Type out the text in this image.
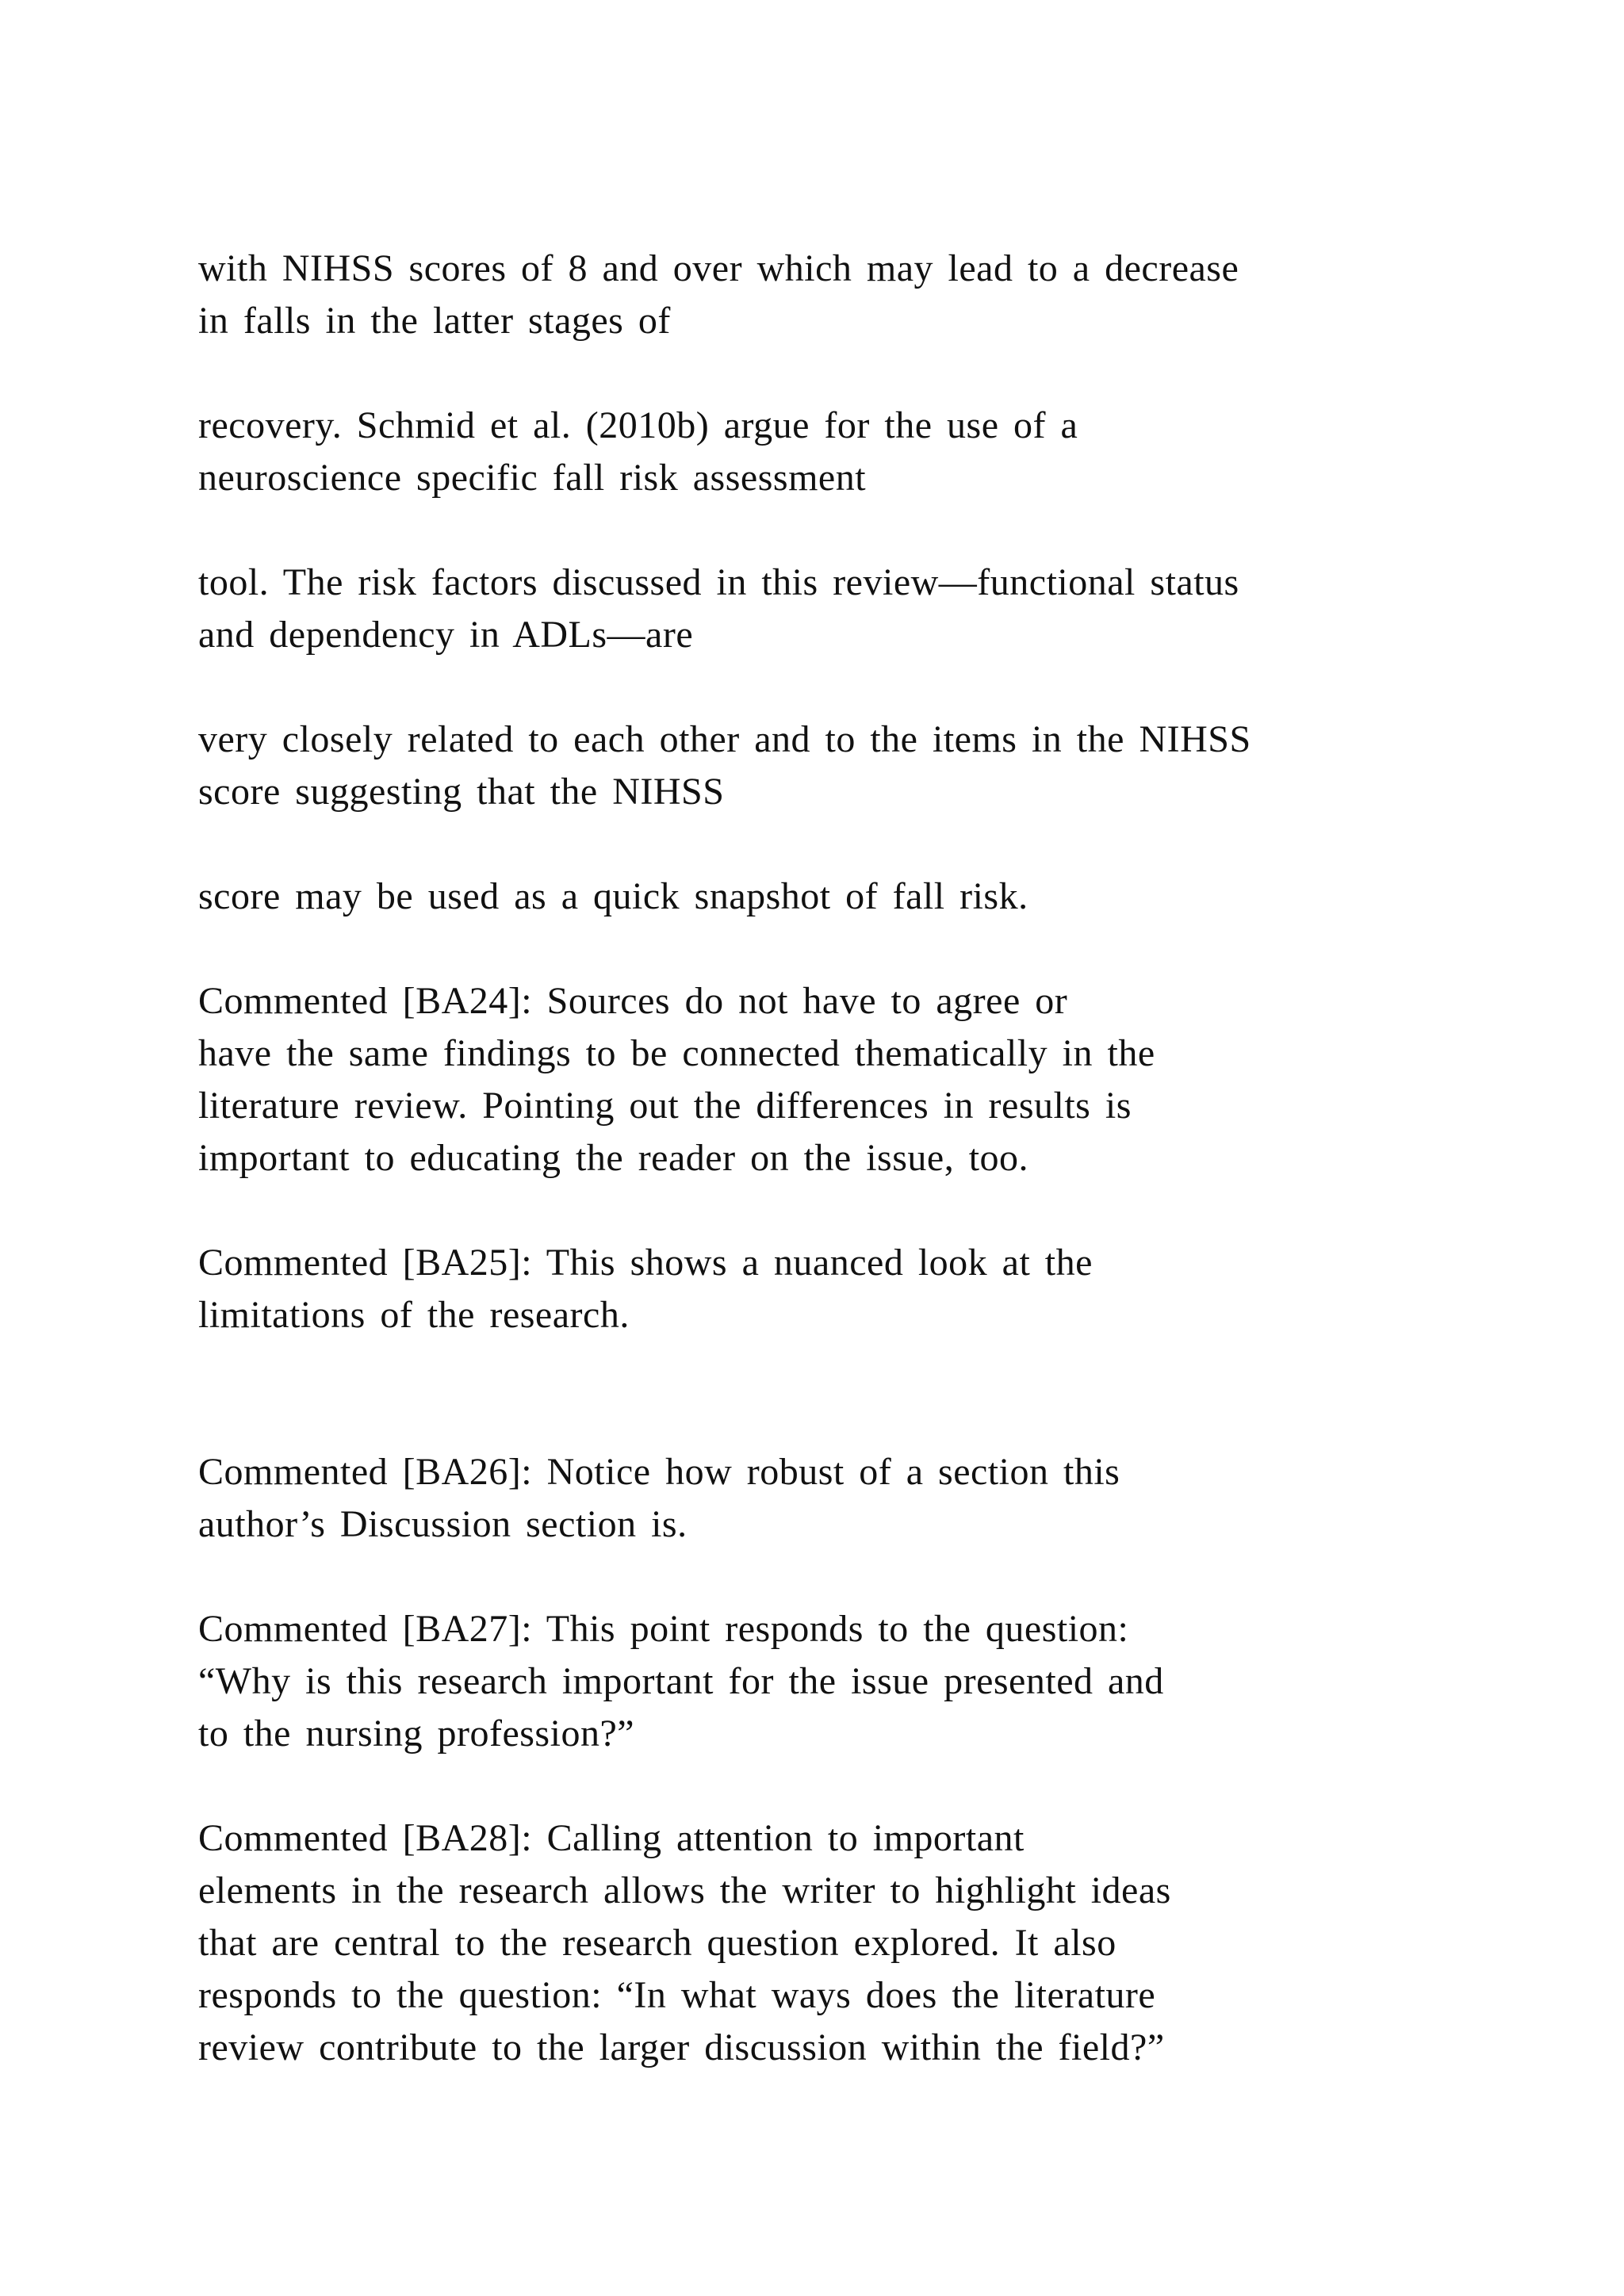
with NIHSS scores of 8 and over which may lead to a decrease
in falls in the latter stages of

recovery. Schmid et al. (2010b) argue for the use of a
neuroscience specific fall risk assessment

tool. The risk factors discussed in this review—functional status
and dependency in ADLs—are

very closely related to each other and to the items in the NIHSS
score suggesting that the NIHSS

score may be used as a quick snapshot of fall risk.

Commented [BA24]: Sources do not have to agree or
have the same findings to be connected thematically in the
literature review. Pointing out the differences in results is
important to educating the reader on the issue, too.

Commented [BA25]: This shows a nuanced look at the
limitations of the research.

Commented [BA26]: Notice how robust of a section this
author’s Discussion section is.

Commented [BA27]: This point responds to the question:
“Why is this research important for the issue presented and
to the nursing profession?”

Commented [BA28]: Calling attention to important
elements in the research allows the writer to highlight ideas
that are central to the research question explored. It also
responds to the question: “In what ways does the literature
review contribute to the larger discussion within the field?”
